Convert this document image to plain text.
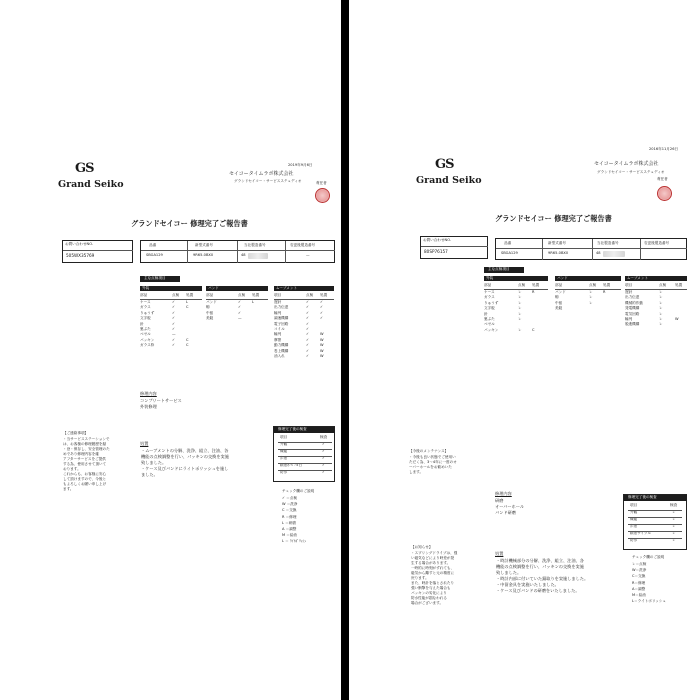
2019年9月6日
GS
Grand Seiko
セイコータイムラボ株式会社
グランドセイコー・サービスステュディオ	責任者
グランドセイコー 修理完了ご報告書
お問い合わせNO.
505WX35769
品番	新型式番号	当社製造番号	変更後製造番号
SBGA129	9R65-0BX0	48	—
主な点検項目
外装	バンド	ムーブメント
部品	点検 処置
ケース	✓	L
ガラス	✓	C
りゅうず	✓
文字板	✓
針	✓
裏ぶた	✓
ベゼル	—
パッキン	✓	C
ガラス枠	✓	C
部品	点検 処置
バンド	✓	L
駒	✓
中留	✓
美錠	—
項目	点検 処置
遅針	✓	✓
出力伝達	✓	✓
輪列	✓	✓
調速機構	✓	✓
電子回路	✓
コイル	✓
輪列	✓	W
摩擦	✓	W
動力機構	✓	W
巻上機構	✓	W
油入れ	✓	W
修理内容
コンプリートサービス
外装修理
【ご連絡事項】
・当サービスステーションで
は、お客様の修理履歴を録
・登・保存し、安全管理のた
めであり修理内容を確
アフターサービスをご提供
する為、使用させて頂いて
おります。
これからも、お客様に安心
して頂けますので、今後と
もよろしくお願い申し上げ
ます。
処置
・ムーブメントの分解、洗浄、組立、注油、各
機能の点検調整を行い、パッキンの交換を実施
致しました。
・ケース及びバンドにライトポリッシュを施し
ました。
修理完了後の検査
項目	検査
外観	✓
機能	✓
歩度	✓
精度ｵｰﾊﾞｰ5日	✓
防水	✓
チェック欄のご説明
✓ ＝点検
W ＝洗浄
C ＝交換
R ＝修理
L ＝研磨
A ＝調整
M ＝給油
L ＝ ﾗｲﾄﾎﾟﾘｯｼｭ
2016年11月26日
GS
Grand Seiko
セイコータイムラボ株式会社
グランドセイコー・サービスステュディオ
責任者
グランドセイコー 修理完了ご報告書
お問い合わせNO.
80SP76157
品番	新型式番号	当社製造番号	変更後製造番号
SBGA129	9R65-0BX0	48
主な点検項目
外装	バンド	ムーブメント
部品	点検 処置
ケース	レ	R
ガラス	レ
りゅうず	レ
文字板	レ
針	レ
裏ぶた	レ
ベゼル
パッキン	レ	C
部品	点検 処置
バンド	レ	R
駒	レ
中留	レ
美錠
項目	点検 処置
遅針	レ
出力伝達	レ
機械的作動	レ
発電機構	レ
電気回路	レ
輪列	レ	W
脱進機構	レ
【今後のメンテナンス】
・今後も良い状態でご使用い
ただく為、3〜4年に一度のオ
ーバーホールをお勧めいた
します。
修理内容
研磨
オーバーホール
バンド研磨
修理完了後の検査
項目	検査
外観	レ
機能	レ
歩度	レ
精度サイクル	レ
防水	レ
【お知らせ】
・スプリングドライブは、強
い磁気などにより時差が発
生する場合があります。
一時的に時刻がずれても、
磁気から離すと元の精度に
戻ります。
また、時計を落とされたり
強い衝撃を与えた場合も
パッキンの劣化により
防水性能が損なわれる
場合がございます。
処置
・時計機械部分の分解、洗浄、組立、注油、各
機能の点検調整を行い、パッキンの交換を実施
致しました。
・時計内部に付いていた錆取りを実施しました。
・中留金具を実施いたしました。
・ケース及びバンドの研磨をいたしました。
チェック欄のご説明
レ＝点検
W＝洗浄
C＝交換
R＝修理
A＝調整
M＝給油
L＝ライトポリッシュ
